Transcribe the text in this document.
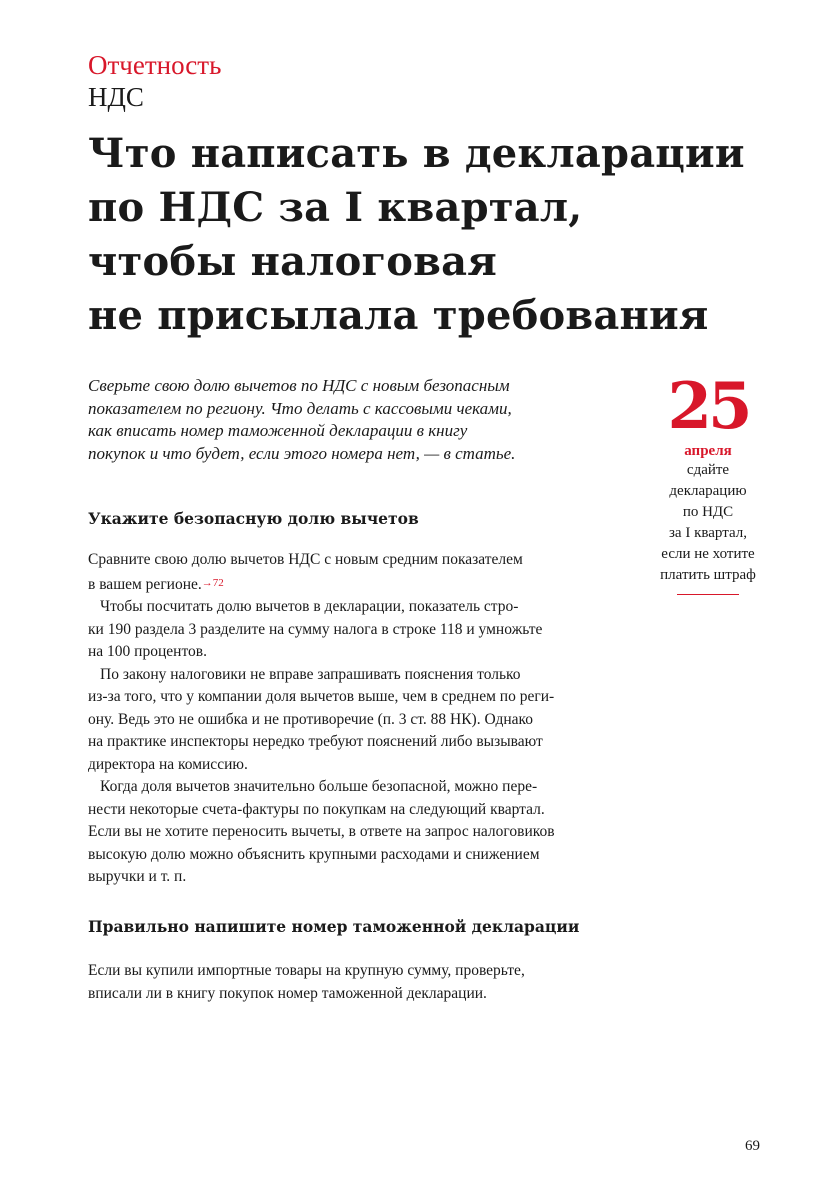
Отчетность
НДС
Что написать в декларации
по НДС за I квартал,
чтобы налоговая
не присылала требования

Сверьте свою долю вычетов по НДС с новым безопасным
показателем по региону. Что делать с кассовыми чеками,
как вписать номер таможенной декларации в книгу
покупок и что будет, если этого номера нет, — в статье.

25
апреля
сдайте
декларацию
по НДС
за I квартал,
если не хотите
платить штраф
Укажите безопасную долю вычетов
Сравните свою долю вычетов НДС с новым средним показателем
в вашем регионе.→72
Чтобы посчитать долю вычетов в декларации, показатель стро-
ки 190 раздела 3 разделите на сумму налога в строке 118 и умножьте
на 100 процентов.
По закону налоговики не вправе запрашивать пояснения только
из-за того, что у компании доля вычетов выше, чем в среднем по реги-
ону. Ведь это не ошибка и не противоречие (п. 3 ст. 88 НК). Однако
на практике инспекторы нередко требуют пояснений либо вызывают
директора на комиссию.
Когда доля вычетов значительно больше безопасной, можно пере-
нести некоторые счета-фактуры по покупкам на следующий квартал.
Если вы не хотите переносить вычеты, в ответе на запрос налоговиков
высокую долю можно объяснить крупными расходами и снижением
выручки и т. п.
Правильно напишите номер таможенной декларации
Если вы купили импортные товары на крупную сумму, проверьте,
вписали ли в книгу покупок номер таможенной декларации.
69
